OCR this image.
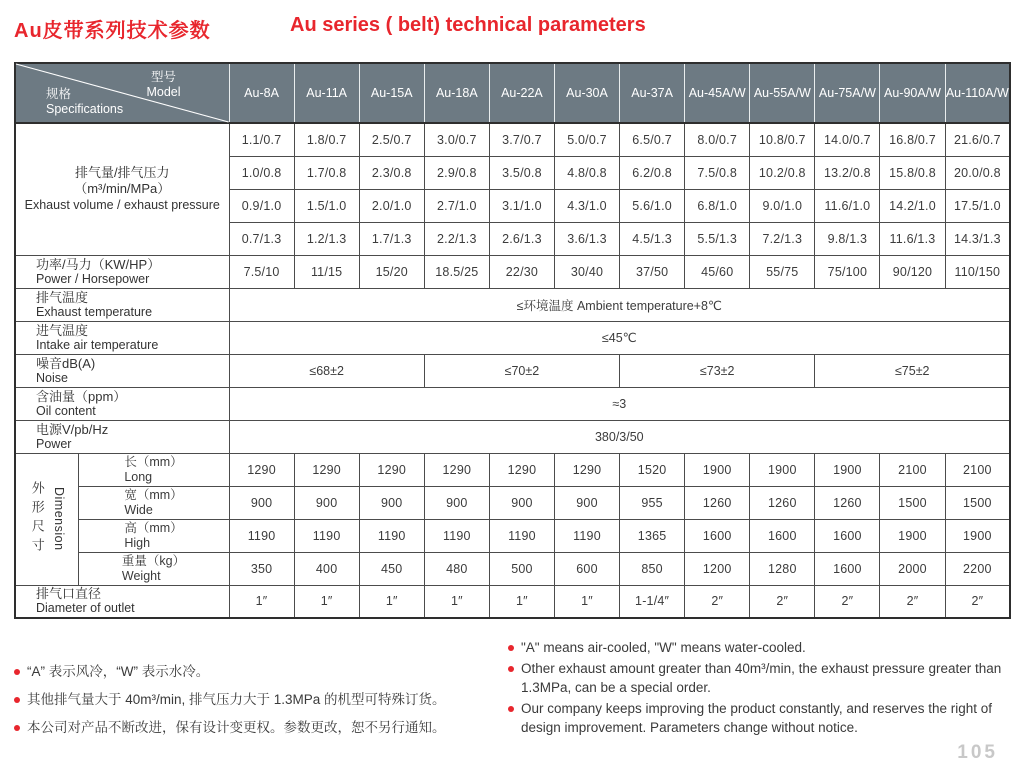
Au皮带系列技术参数	Au series ( belt) technical parameters
型号
Model
规格
Specifications		Au-8A	Au-11A	Au-15A	Au-18A	Au-22A	Au-30A	Au-37A	Au-45A/W	Au-55A/W	Au-75A/W	Au-90A/W	Au-110A/W

排气量/排气压力
（m³/min/MPa）
Exhaust volume / exhaust pressure		1.1/0.7	1.8/0.7	2.5/0.7	3.0/0.7	3.7/0.7	5.0/0.7	6.5/0.7	8.0/0.7	10.8/0.7	14.0/0.7	16.8/0.7	21.6/0.7
		1.0/0.8	1.7/0.8	2.3/0.8	2.9/0.8	3.5/0.8	4.8/0.8	6.2/0.8	7.5/0.8	10.2/0.8	13.2/0.8	15.8/0.8	20.0/0.8
		0.9/1.0	1.5/1.0	2.0/1.0	2.7/1.0	3.1/1.0	4.3/1.0	5.6/1.0	6.8/1.0	9.0/1.0	11.6/1.0	14.2/1.0	17.5/1.0
		0.7/1.3	1.2/1.3	1.7/1.3	2.2/1.3	2.6/1.3	3.6/1.3	4.5/1.3	5.5/1.3	7.2/1.3	9.8/1.3	11.6/1.3	14.3/1.3

功率/马力（KW/HP）
Power / Horsepower		7.5/10	11/15	15/20	18.5/25	22/30	30/40	37/50	45/60	55/75	75/100	90/120	110/150

排气温度
Exhaust temperature		≤环境温度 Ambient temperature+8℃											

进气温度
Intake air temperature		≤45℃											

噪音dB(A)
Noise		≤68±2			≤70±2			≤73±2			≤75±2		

含油量（ppm）
Oil content		≈3											

电源V/pb/Hz
Power		380/3/50											

外形尺寸 Dimension

长（mm）
Long	1290	1290	1290	1290	1290	1290	1520	1900	1900	1900	2100	2100

	宽（mm）
Wide	900	900	900	900	900	900	955	1260	1260	1260	1500	1500

	高（mm）
High	1190	1190	1190	1190	1190	1190	1365	1600	1600	1600	1900	1900

	重量（kg）
Weight	350	400	450	480	500	600	850	1200	1280	1600	2000	2200

排气口直径
Diameter of outlet		1″	1″	1″	1″	1″	1″	1-1/4″	2″	2″	2″	2″	2″
“A” 表示风冷，“W” 表示水冷。
其他排气量大于 40m³/min, 排气压力大于 1.3MPa 的机型可特殊订货。
本公司对产品不断改进，保有设计变更权。参数更改，恕不另行通知。
"A" means air-cooled, "W" means water-cooled.
Other exhaust amount greater than 40m³/min, the exhaust pressure greater than 1.3MPa, can be a special order.
Our company keeps improving the product constantly, and reserves the right of design improvement. Parameters change without notice.
105
